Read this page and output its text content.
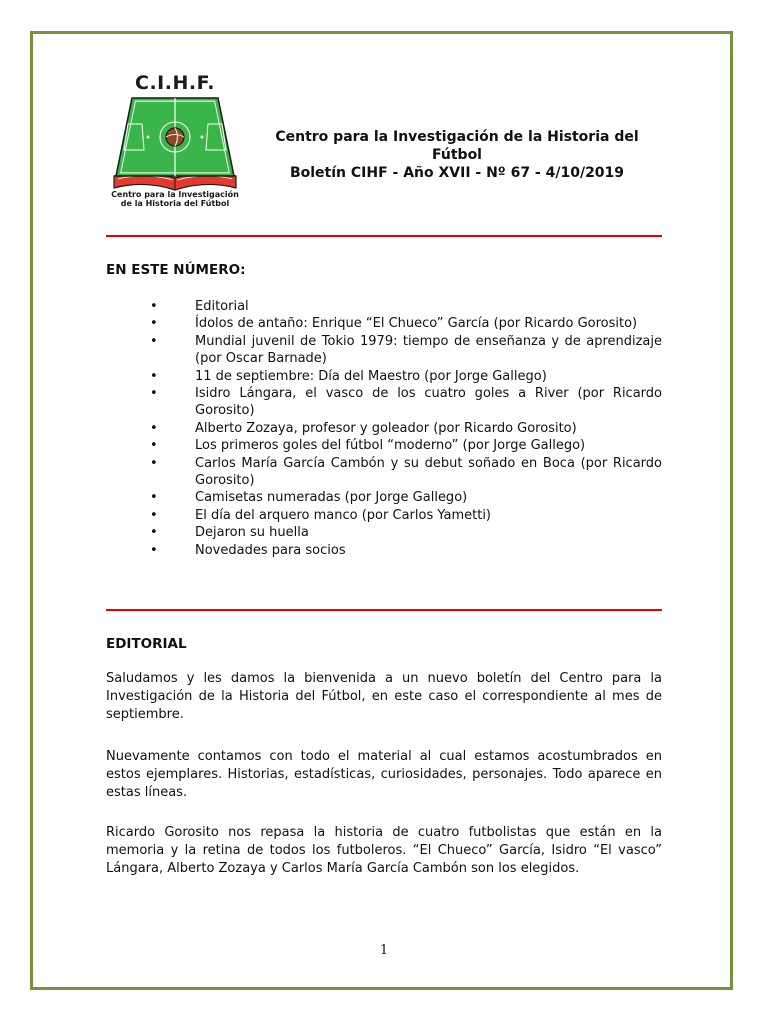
C.I.H.F.
Centro para la Investigación
de la Historia del Fútbol
Centro para la Investigación de la Historia del Fútbol
Boletín CIHF - Año XVII - Nº 67 - 4/10/2019
EN ESTE NÚMERO:
•	Editorial
•	Ídolos de antaño: Enrique “El Chueco” García (por Ricardo Gorosito)
•	Mundial juvenil de Tokio 1979: tiempo de enseñanza y de aprendizaje (por Oscar Barnade)
•	11 de septiembre: Día del Maestro (por Jorge Gallego)
•	Isidro Lángara, el vasco de los cuatro goles a River (por Ricardo Gorosito)
•	Alberto Zozaya, profesor y goleador (por Ricardo Gorosito)
•	Los primeros goles del fútbol “moderno” (por Jorge Gallego)
•	Carlos María García Cambón y su debut soñado en Boca (por Ricardo Gorosito)
•	Camisetas numeradas (por Jorge Gallego)
•	El día del arquero manco (por Carlos Yametti)
•	Dejaron su huella
•	Novedades para socios
EDITORIAL

Saludamos y les damos la bienvenida a un nuevo boletín del Centro para la Investigación de la Historia del Fútbol, en este caso el correspondiente al mes de septiembre.

Nuevamente contamos con todo el material al cual estamos acostumbrados en estos ejemplares. Historias, estadísticas, curiosidades, personajes. Todo aparece en estas líneas.

Ricardo Gorosito nos repasa la historia de cuatro futbolistas que están en la memoria y la retina de todos los futboleros. “El Chueco” García, Isidro “El vasco” Lángara, Alberto Zozaya y Carlos María García Cambón son los elegidos.

1
